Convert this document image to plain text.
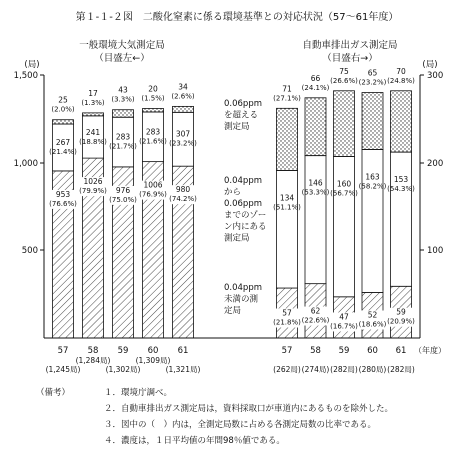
第１-１-２図　二酸化窒素に係る環境基準との対応状況（57～61年度）
一般環境大気測定局
（目盛左←）
自動車排出ガス測定局
（目盛右→）
(局)	(局)
1,500
1,000
500
300
200
100
0.06ppm
を超える
測定局
0.04ppm
から
0.06ppm
までのゾー
ン内にある
測定局
0.04ppm
未満の測
定局
953
(76.6%)
267
(21.4%)
25
(2.0%)
57
(1,245局)
1026
(79.9%)
241
(18.8%)
17
(1.3%)
58
(1,284局)
976
(75.0%)
283
(21.7%)
43
(3.3%)
59
(1,302局)
1006
(76.9%)
283
(21.6%)
20
(1.5%)
60
(1,309局)
980
(74.2%)
307
(23.2%)
34
(2.6%)
61
(1,321局)
57
(21.8%)
134
(51.1%)
71
(27.1%)
57
(262局)
62
(22.6%)
146
(53.3%)
66
(24.1%)
58
(274局)
47
(16.7%)
160
(56.7%)
75
(26.6%)
59
(282局)
52
(18.6%)
163
(58.2%)
65
(23.2%)
60
(280局)
59
(20.9%)
153
(54.3%)
70
(24.8%)
61
(282局)
（年度）
（備考）	１．環境庁調べ。
２．自動車排出ガス測定局は，資料採取口が車道内にあるものを除外した。
３．図中の（　）内は，全測定局数に占める各測定局数の比率である。
４．濃度は，１日平均値の年間98％値である。
